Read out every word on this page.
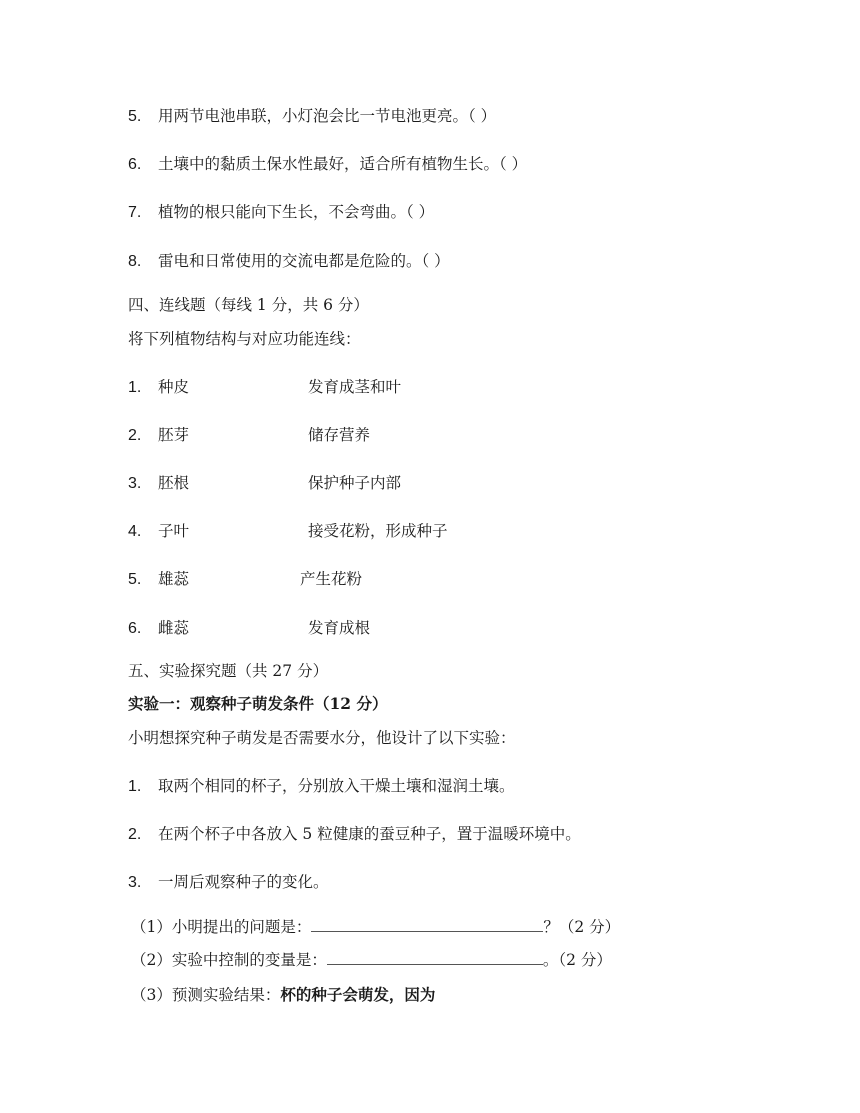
5. 用两节电池串联，小灯泡会比一节电池更亮。（ ）
6. 土壤中的黏质土保水性最好，适合所有植物生长。（ ）
7. 植物的根只能向下生长，不会弯曲。（ ）
8. 雷电和日常使用的交流电都是危险的。（ ）
四、连线题（每线 1 分，共 6 分）
将下列植物结构与对应功能连线：
1. 种皮	发育成茎和叶
2. 胚芽	储存营养
3. 胚根	保护种子内部
4. 子叶	接受花粉，形成种子
5. 雄蕊	产生花粉
6. 雌蕊	发育成根
五、实验探究题（共 27 分）
实验一：观察种子萌发条件（12 分）
小明想探究种子萌发是否需要水分，他设计了以下实验：
1. 取两个相同的杯子，分别放入干燥土壤和湿润土壤。
2. 在两个杯子中各放入 5 粒健康的蚕豆种子，置于温暖环境中。
3. 一周后观察种子的变化。
（1）小明提出的问题是：	？（2 分）
（2）实验中控制的变量是：	。（2 分）
（3）预测实验结果：杯的种子会萌发，因为
